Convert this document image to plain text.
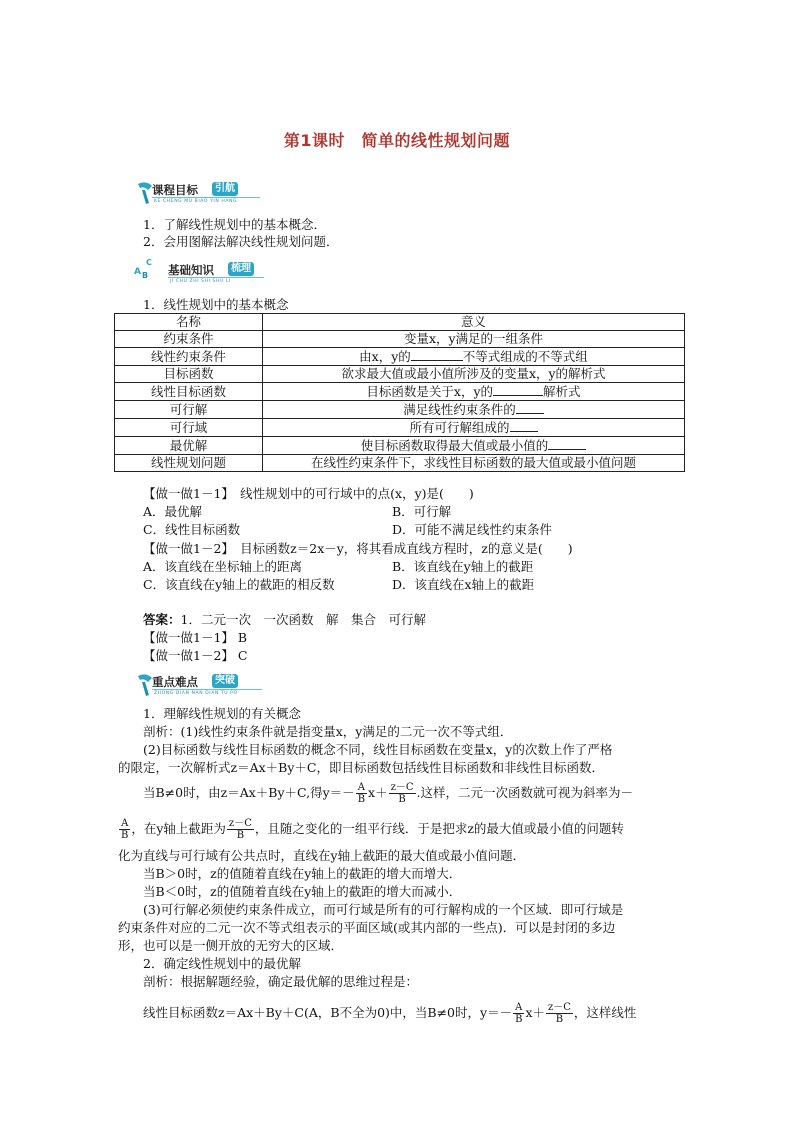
第1课时　简单的线性规划问题
课程目标	引航
KE CHENG MU BIAO YIN HANG
1．了解线性规划中的基本概念．
2．会用图解法解决线性规划问题．
C
A B 基础知识	梳理
JI CHU ZHI SHI SHU LI
1．线性规划中的基本概念
名称	意义
约束条件	变量x，y满足的一组条件
线性约束条件	由x，y的 不等式组成的不等式组
目标函数	欲求最大值或最小值所涉及的变量x，y的解析式
线性目标函数	目标函数是关于x，y的 解析式
可行解	满足线性约束条件的
可行域	所有可行解组成的
最优解	使目标函数取得最大值或最小值的
线性规划问题	在线性约束条件下，求线性目标函数的最大值或最小值问题
【做一做1－1】　线性规划中的可行域中的点(x，y)是(　　)
A．最优解	B．可行解
C．线性目标函数	D．可能不满足线性约束条件
【做一做1－2】　目标函数z＝2x－y，将其看成直线方程时，z的意义是(　　)
A．该直线在坐标轴上的距离	B．该直线在y轴上的截距
C．该直线在y轴上的截距的相反数	D．该直线在x轴上的截距
答案：1．二元一次　一次函数　解　集合　可行解
【做一做1－1】 B
【做一做1－2】 C
重点难点	突破
ZHONG DIAN NAN DIAN TU PO
1．理解线性规划的有关概念
剖析：(1)线性约束条件就是指变量x，y满足的二元一次不等式组．
(2)目标函数与线性目标函数的概念不同，线性目标函数在变量x，y的次数上作了严格
的限定，一次解析式z＝Ax＋By＋C，即目标函数包括线性目标函数和非线性目标函数．
当B≠0时，由z＝Ax＋By＋C,得$y=- \frac{A}{B} x+ \frac{z-C}{B}$ .这样，二元一次函数就可视为斜率为－
$\frac{A}{B}$ ，在y轴上截距为 $\frac{z-C}{B}$ ，且随之变化的一组平行线．于是把求z的最大值或最小值的问题转
化为直线与可行域有公共点时，直线在y轴上截距的最大值或最小值问题．
当B＞0时，z的值随着直线在y轴上的截距的增大而增大．
当B＜0时，z的值随着直线在y轴上的截距的增大而减小．
(3)可行解必须使约束条件成立，而可行域是所有的可行解构成的一个区域．即可行域是
约束条件对应的二元一次不等式组表示的平面区域(或其内部的一些点)．可以是封闭的多边
形，也可以是一侧开放的无穷大的区域．
2．确定线性规划中的最优解
剖析：根据解题经验，确定最优解的思维过程是：
线性目标函数z＝Ax＋By＋C(A，B不全为0)中，当B≠0时，$y=- \frac{A}{B} x+ \frac{z-C}{B}$ ，这样线性
